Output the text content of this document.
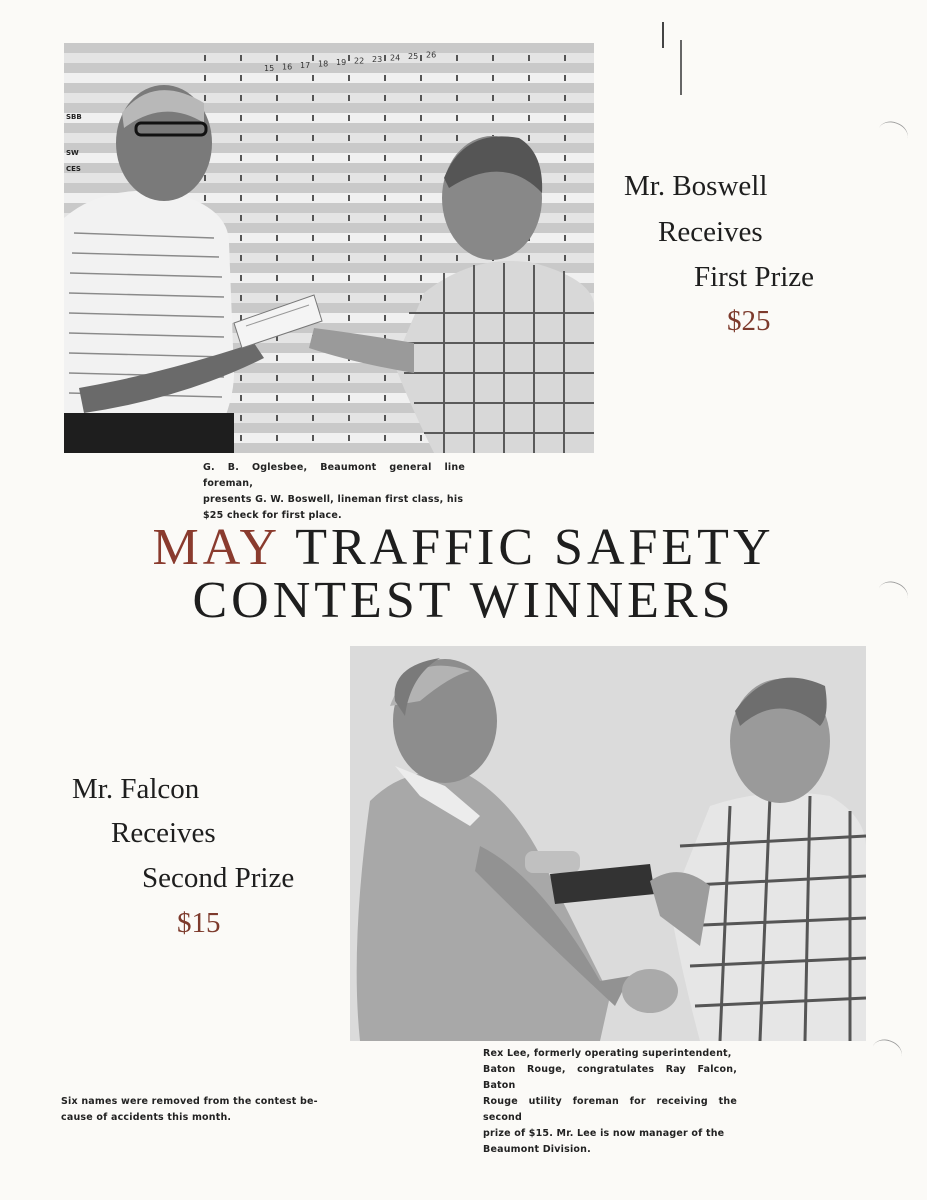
15 16 17 18 19 22 23 24 25 26
SBB
SW
CES
Mr. Boswell
Receives
First Prize
$25

G. B. Oglesbee, Beaumont general line foreman,

presents G. W. Boswell, lineman first class, his

$25 check for first place.

MAY TRAFFIC SAFETY
CONTEST WINNERS
Mr. Falcon
Receives
Second Prize
$15

Rex Lee, formerly operating superintendent,

Baton Rouge, congratulates Ray Falcon, Baton

Rouge utility foreman for receiving the second

prize of $15. Mr. Lee is now manager of the

Beaumont Division.

Six names were removed from the contest be-

cause of accidents this month.
